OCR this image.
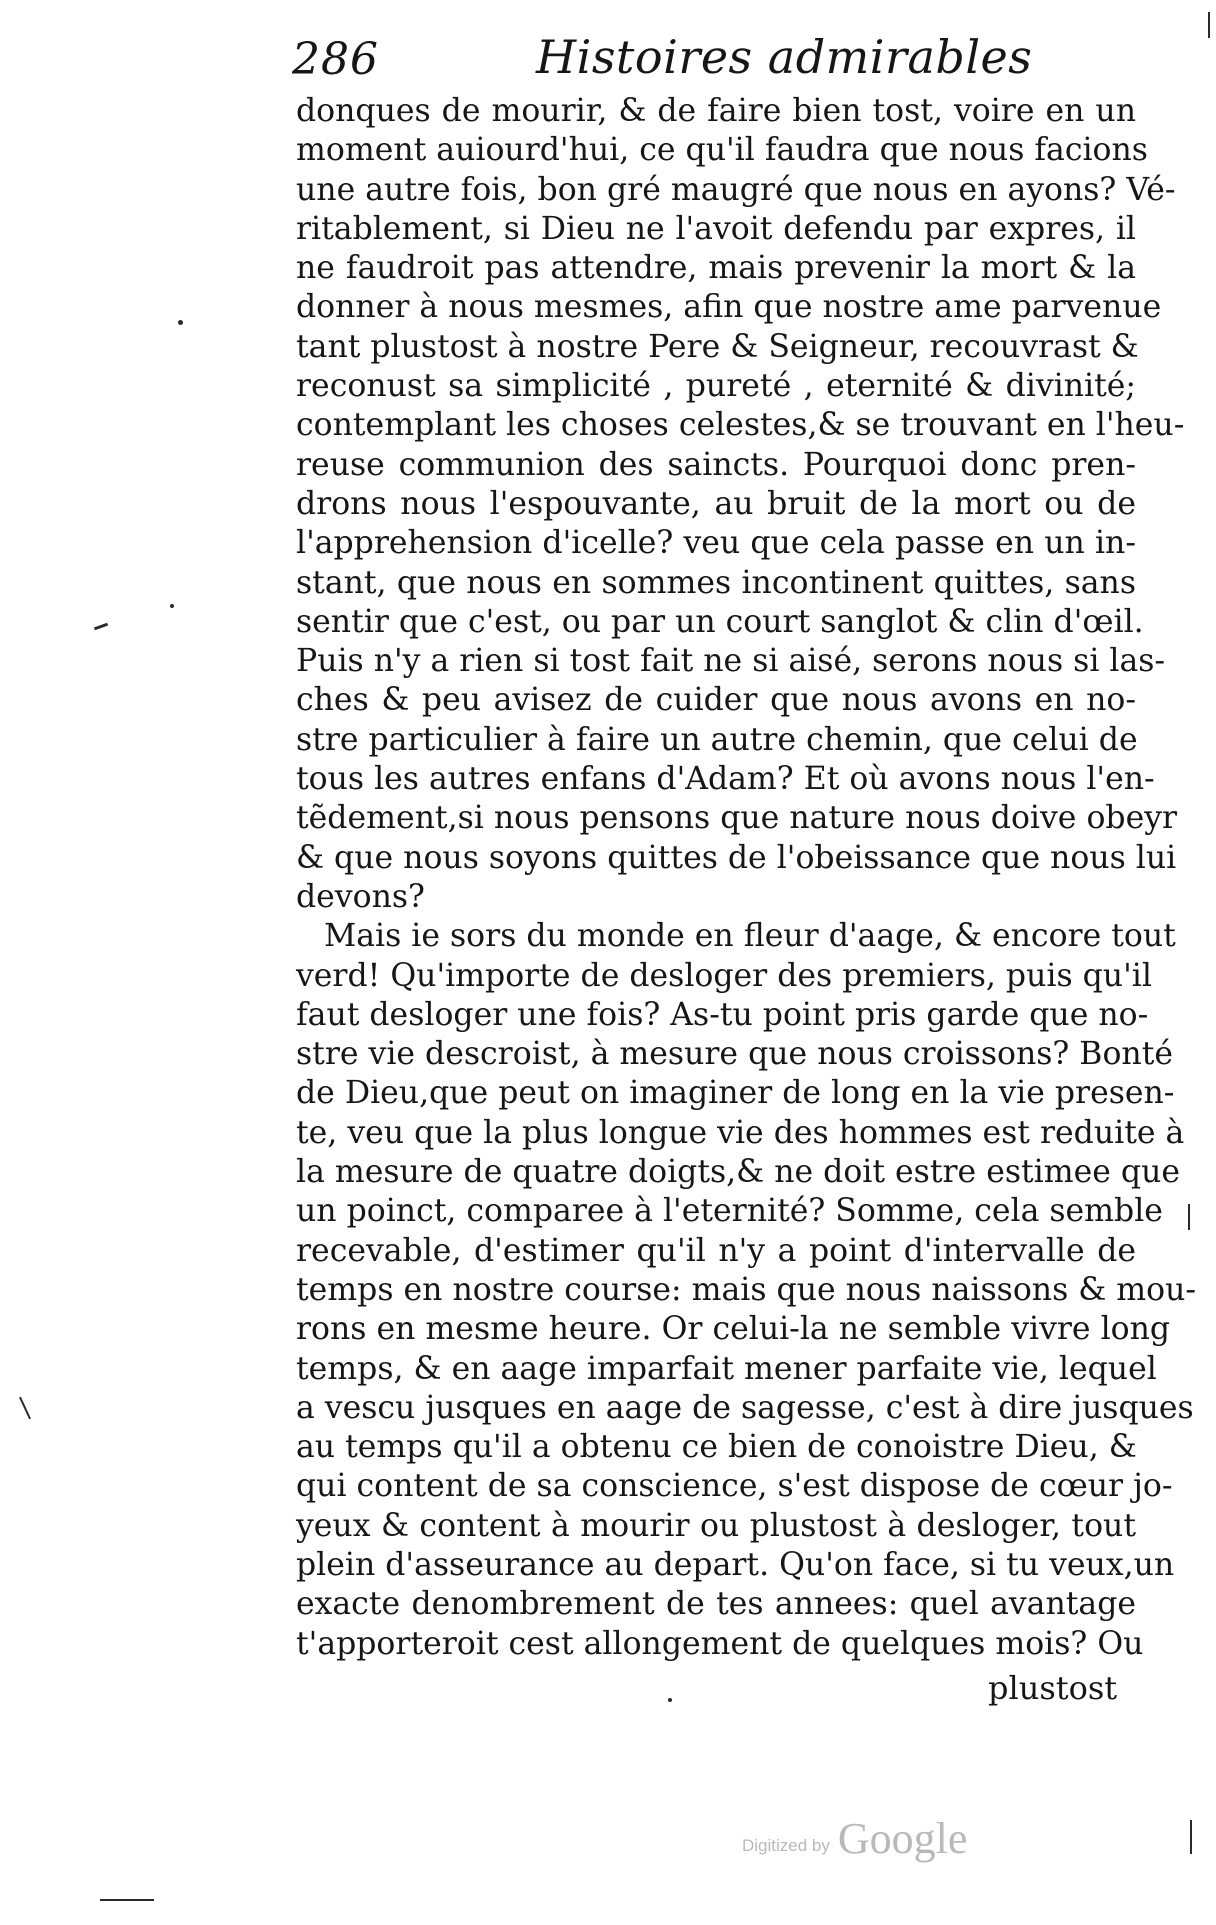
286	Histoires admirables
donques de mourir, & de faire bien tost, voire en un
moment auiourd'hui, ce qu'il faudra que nous facions
une autre fois, bon gré maugré que nous en ayons? Vé-
ritablement, si Dieu ne l'avoit defendu par expres, il
ne faudroit pas attendre, mais prevenir la mort & la
donner à nous mesmes, afin que nostre ame parvenue
tant plustost à nostre Pere & Seigneur, recouvrast &
reconust sa simplicité , pureté , eternité & divinité;
contemplant les choses celestes,& se trouvant en l'heu-
reuse communion des saincts. Pourquoi donc pren-
drons nous l'espouvante, au bruit de la mort ou de
l'apprehension d'icelle? veu que cela passe en un in-
stant, que nous en sommes incontinent quittes, sans
sentir que c'est, ou par un court sanglot & clin d'œil.
Puis n'y a rien si tost fait ne si aisé, serons nous si las-
ches & peu avisez de cuider que nous avons en no-
stre particulier à faire un autre chemin, que celui de
tous les autres enfans d'Adam? Et où avons nous l'en-
tẽdement,si nous pensons que nature nous doive obeyr
& que nous soyons quittes de l'obeissance que nous lui
devons?
Mais ie sors du monde en fleur d'aage, & encore tout
verd! Qu'importe de desloger des premiers, puis qu'il
faut desloger une fois? As-tu point pris garde que no-
stre vie descroist, à mesure que nous croissons? Bonté
de Dieu,que peut on imaginer de long en la vie presen-
te, veu que la plus longue vie des hommes est reduite à
la mesure de quatre doigts,& ne doit estre estimee que
un poinct, comparee à l'eternité? Somme, cela semble
recevable, d'estimer qu'il n'y a point d'intervalle de
temps en nostre course: mais que nous naissons & mou-
rons en mesme heure. Or celui-la ne semble vivre long
temps, & en aage imparfait mener parfaite vie, lequel
a vescu jusques en aage de sagesse, c'est à dire jusques
au temps qu'il a obtenu ce bien de conoistre Dieu, &
qui content de sa conscience, s'est dispose de cœur jo-
yeux & content à mourir ou plustost à desloger, tout
plein d'asseurance au depart. Qu'on face, si tu veux,un
exacte denombrement de tes annees: quel avantage
t'apporteroit cest allongement de quelques mois? Ou
plustost
Digitized by Google
